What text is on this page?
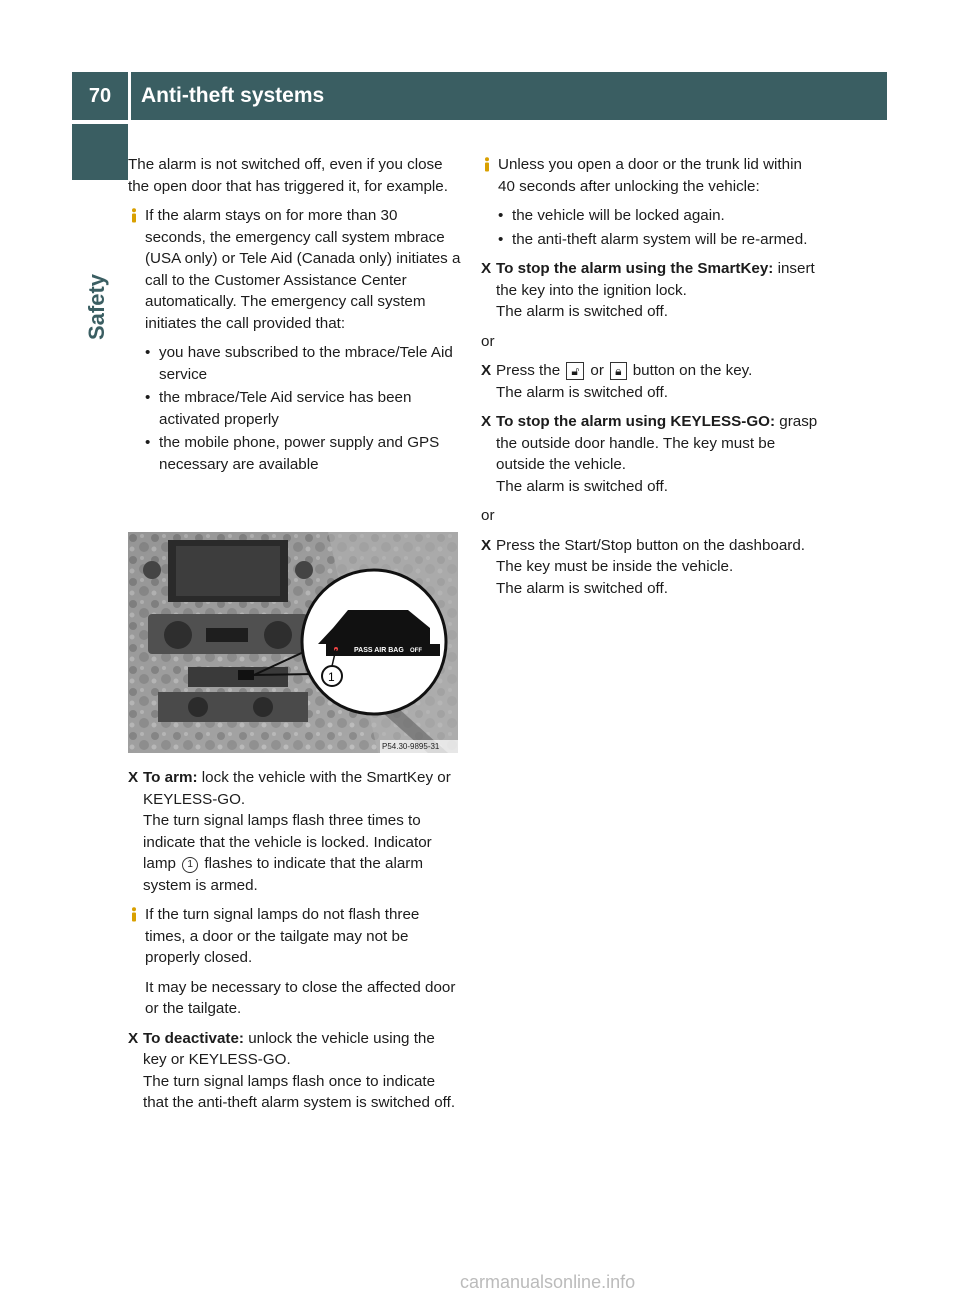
70	Anti-theft systems
Safety

The alarm is not switched off, even if you close the open door that has triggered it, for example.

If the alarm stays on for more than 30 seconds, the emergency call system mbrace (USA only) or Tele Aid (Canada only) initiates a call to the Customer Assistance Center automatically. The emergency call system initiates the call provided that:

• you have subscribed to the mbrace/Tele Aid service
• the mbrace/Tele Aid service has been activated properly
• the mobile phone, power supply and GPS necessary are available
PASS AIR BAG OFF
1
P54.30-9895-31
X To arm: lock the vehicle with the SmartKey or KEYLESS-GO.
The turn signal lamps flash three times to indicate that the vehicle is locked. Indicator lamp 1 flashes to indicate that the alarm system is armed.

If the turn signal lamps do not flash three times, a door or the tailgate may not be properly closed.

It may be necessary to close the affected door or the tailgate.

X To deactivate: unlock the vehicle using the key or KEYLESS-GO.
The turn signal lamps flash once to indicate that the anti-theft alarm system is switched off.

Unless you open a door or the trunk lid within 40 seconds after unlocking the vehicle:

• the vehicle will be locked again.
• the anti-theft alarm system will be re-armed.
X To stop the alarm using the SmartKey: insert the key into the ignition lock.
The alarm is switched off.

or

X Press the 🔓︎ or 🔒︎ button on the key.
The alarm is switched off.
X To stop the alarm using KEYLESS-GO: grasp the outside door handle. The key must be outside the vehicle.
The alarm is switched off.

or

X Press the Start/Stop button on the dashboard. The key must be inside the vehicle.
The alarm is switched off.
carmanualsonline.info
